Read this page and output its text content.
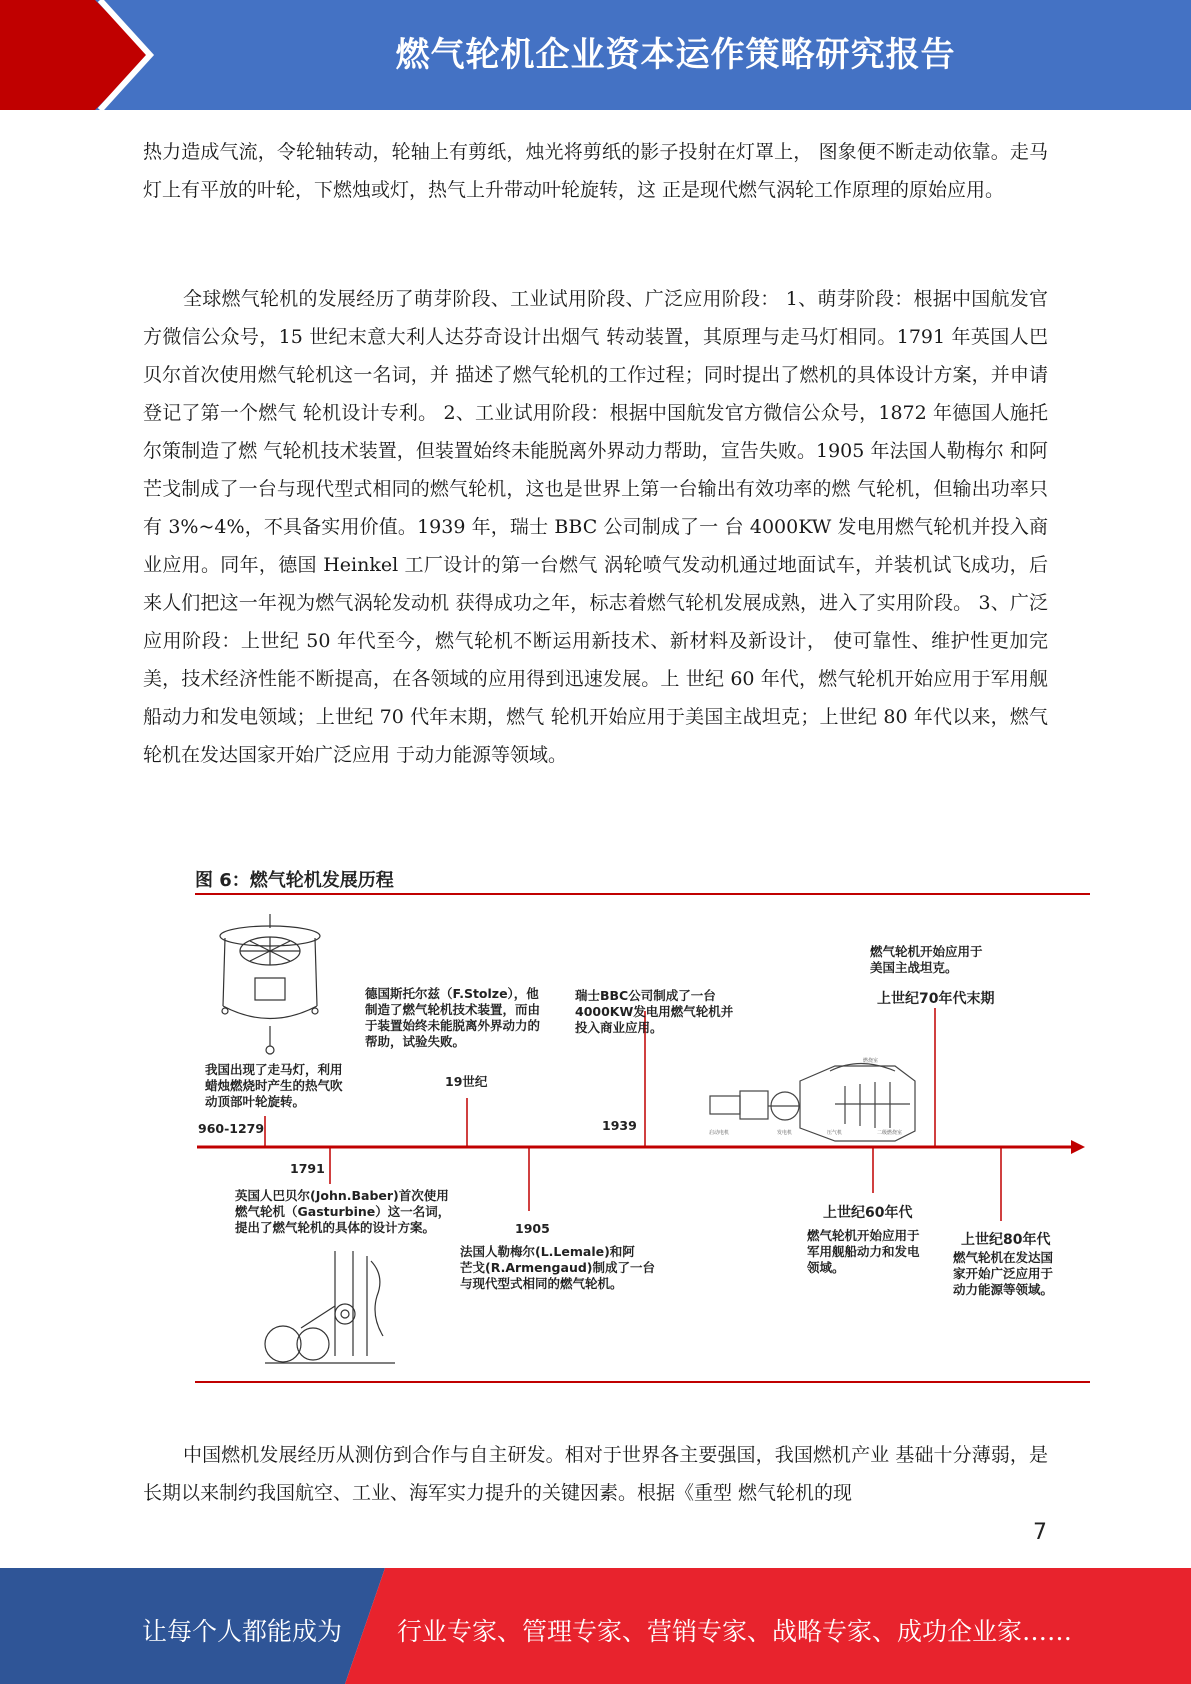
燃气轮机企业资本运作策略研究报告

热力造成气流，令轮轴转动，轮轴上有剪纸，烛光将剪纸的影子投射在灯罩上， 图象便不断走动依靠。走马灯上有平放的叶轮，下燃烛或灯，热气上升带动叶轮旋转，这 正是现代燃气涡轮工作原理的原始应用。

全球燃气轮机的发展经历了萌芽阶段、工业试用阶段、广泛应用阶段： 1、萌芽阶段：根据中国航发官方微信公众号，15 世纪末意大利人达芬奇设计出烟气 转动装置，其原理与走马灯相同。1791 年英国人巴贝尔首次使用燃气轮机这一名词，并 描述了燃气轮机的工作过程；同时提出了燃机的具体设计方案，并申请登记了第一个燃气 轮机设计专利。 2、工业试用阶段：根据中国航发官方微信公众号，1872 年德国人施托尔策制造了燃 气轮机技术装置，但装置始终未能脱离外界动力帮助，宣告失败。1905 年法国人勒梅尔 和阿芒戈制成了一台与现代型式相同的燃气轮机，这也是世界上第一台输出有效功率的燃 气轮机，但输出功率只有 3%~4%，不具备实用价值。1939 年，瑞士 BBC 公司制成了一 台 4000KW 发电用燃气轮机并投入商业应用。同年，德国 Heinkel 工厂设计的第一台燃气 涡轮喷气发动机通过地面试车，并装机试飞成功，后来人们把这一年视为燃气涡轮发动机 获得成功之年，标志着燃气轮机发展成熟，进入了实用阶段。 3、广泛应用阶段：上世纪 50 年代至今，燃气轮机不断运用新技术、新材料及新设计， 使可靠性、维护性更加完美，技术经济性能不断提高，在各领域的应用得到迅速发展。上 世纪 60 年代，燃气轮机开始应用于军用舰船动力和发电领域；上世纪 70 代年末期，燃气 轮机开始应用于美国主战坦克；上世纪 80 年代以来，燃气轮机在发达国家开始广泛应用 于动力能源等领域。

图 6：燃气轮机发展历程
启动电机	发电机	压气机
燃烧室
二级燃烧室
我国出现了走马灯，利用
蜡烛燃烧时产生的热气吹
动顶部叶轮旋转。
960-1279
1791
英国人巴贝尔(John.Baber)首次使用
燃气轮机（Gasturbine）这一名词，
提出了燃气轮机的具体的设计方案。
德国斯托尔兹（F.Stolze），他
制造了燃气轮机技术装置，而由
于装置始终未能脱离外界动力的
帮助，试验失败。
19世纪
1905
法国人勒梅尔(L.Lemale)和阿
芒戈(R.Armengaud)制成了一台
与现代型式相同的燃气轮机。
瑞士BBC公司制成了一台
4000KW发电用燃气轮机并
投入商业应用。
1939
燃气轮机开始应用于
美国主战坦克。
上世纪70年代末期
上世纪60年代
燃气轮机开始应用于
军用舰船动力和发电
领域。
上世纪80年代
燃气轮机在发达国
家开始广泛应用于
动力能源等领域。

中国燃机发展经历从测仿到合作与自主研发。相对于世界各主要强国，我国燃机产业 基础十分薄弱，是长期以来制约我国航空、工业、海军实力提升的关键因素。根据《重型 燃气轮机的现

7
让每个人都能成为 行业专家、管理专家、营销专家、战略专家、成功企业家……
